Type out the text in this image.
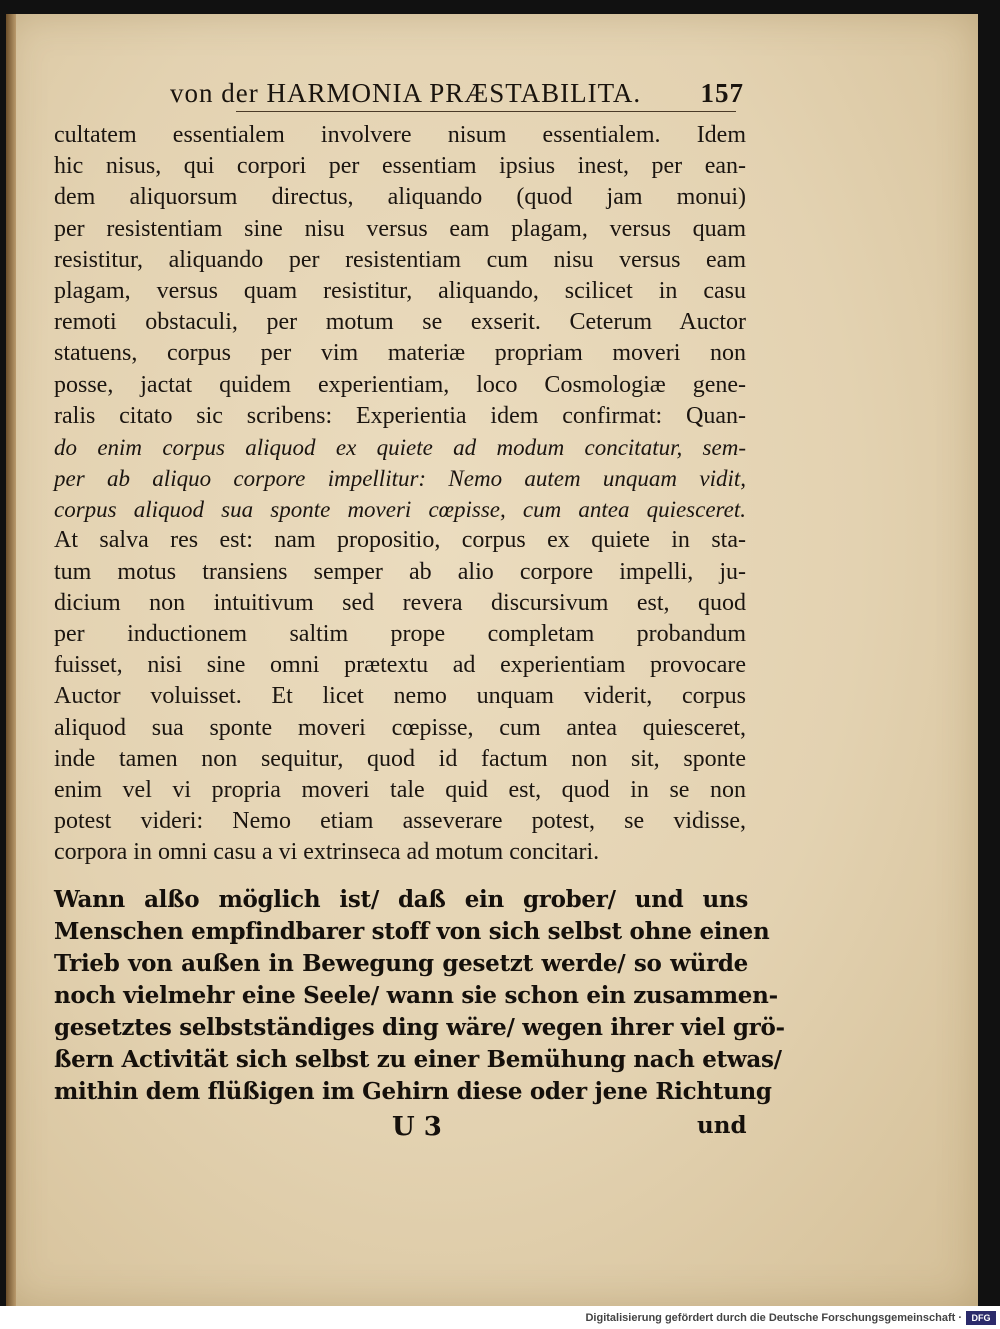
von der HARMONIA PRÆSTABILITA. 157
cultatem essentialem involvere nisum essentialem. Idem
hic nisus, qui corpori per essentiam ipsius inest, per ean-
dem aliquorsum directus, aliquando (quod jam monui)
per resistentiam sine nisu versus eam plagam, versus quam
resistitur, aliquando per resistentiam cum nisu versus eam
plagam, versus quam resistitur, aliquando, scilicet in casu
remoti obstaculi, per motum se exserit. Ceterum Auctor
statuens, corpus per vim materiæ propriam moveri non
posse, jactat quidem experientiam, loco Cosmologiæ gene-
ralis citato sic scribens: Experientia idem confirmat: Quan-
do enim corpus aliquod ex quiete ad modum concitatur, sem-
per ab aliquo corpore impellitur: Nemo autem unquam vidit,
corpus aliquod sua sponte moveri cœpisse, cum antea quiesceret.
At salva res est: nam propositio, corpus ex quiete in sta-
tum motus transiens semper ab alio corpore impelli, ju-
dicium non intuitivum sed revera discursivum est, quod
per inductionem saltim prope completam probandum
fuisset, nisi sine omni prætextu ad experientiam provocare
Auctor voluisset. Et licet nemo unquam viderit, corpus
aliquod sua sponte moveri cœpisse, cum antea quiesceret,
inde tamen non sequitur, quod id factum non sit, sponte
enim vel vi propria moveri tale quid est, quod in se non
potest videri: Nemo etiam asseverare potest, se vidisse,
corpora in omni casu a vi extrinseca ad motum concitari.
Wann alßo möglich ist/ daß ein grober/ und uns
Menschen empfindbarer stoff von sich selbst ohne einen
Trieb von außen in Bewegung gesetzt werde/ so würde
noch vielmehr eine Seele/ wann sie schon ein zusammen-
gesetztes selbstständiges ding wäre/ wegen ihrer viel grö-
ßern Activität sich selbst zu einer Bemühung nach etwas/
mithin dem flüßigen im Gehirn diese oder jene Richtung
U 3	und
Digitalisierung gefördert durch die Deutsche Forschungsgemeinschaft ·	DFG
